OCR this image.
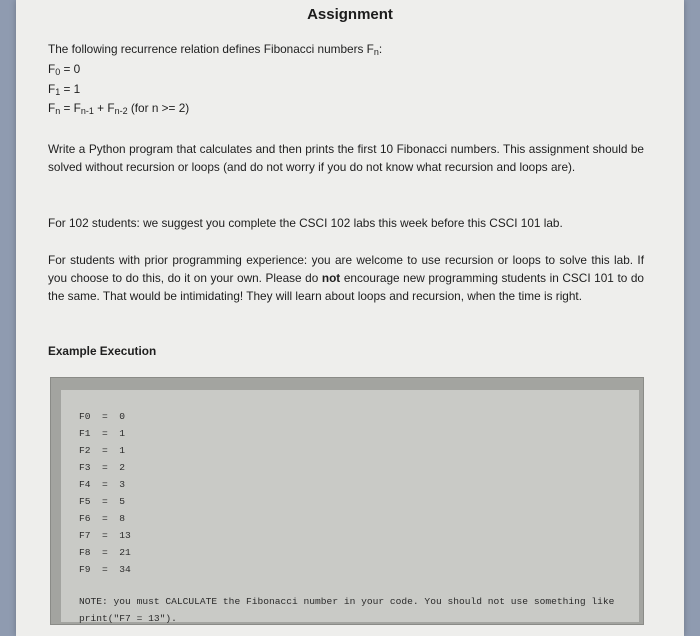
Assignment
The following recurrence relation defines Fibonacci numbers $F_n$:
$F_0 = 0$
$F_1 = 1$
$F_n = F_{n-1} + F_{n-2}$ (for n >= 2)
Write a Python program that calculates and then prints the first 10 Fibonacci numbers. This assignment should be solved without recursion or loops (and do not worry if you do not know what recursion and loops are).
For 102 students: we suggest you complete the CSCI 102 labs this week before this CSCI 101 lab.
For students with prior programming experience: you are welcome to use recursion or loops to solve this lab. If you choose to do this, do it on your own. Please do not encourage new programming students in CSCI 101 to do the same. That would be intimidating! They will learn about loops and recursion, when the time is right.
Example Execution
F0  =  0
F1  =  1
F2  =  1
F3  =  2
F4  =  3
F5  =  5
F6  =  8
F7  =  13
F8  =  21
F9  =  34
NOTE: you must CALCULATE the Fibonacci number in your code. You should not use something like print("F7 = 13").
